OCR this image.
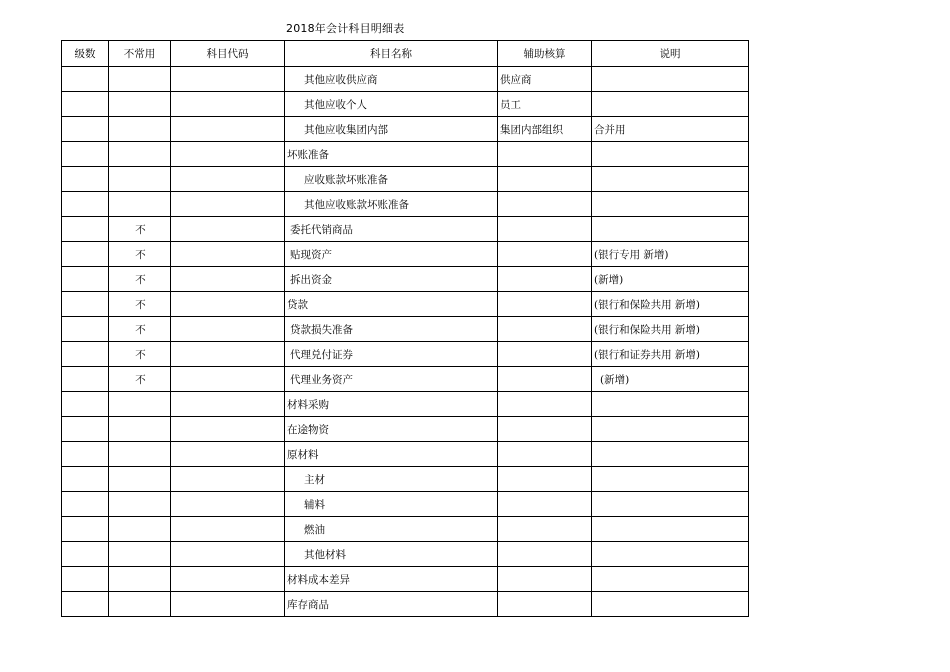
2018年会计科目明细表
级数	不常用	科目代码	科目名称	辅助核算	说明
			其他应收供应商	供应商	
			其他应收个人	员工	
			其他应收集团内部	集团内部组织	合并用
			坏账准备		
			应收账款坏账准备		
			其他应收账款坏账准备		
	不		委托代销商品		
	不		贴现资产		(银行专用 新增)
	不		拆出资金		(新增)
	不		贷款		(银行和保险共用 新增)
	不		贷款损失准备		(银行和保险共用 新增)
	不		代理兑付证券		(银行和证券共用 新增)
	不		代理业务资产		(新增)
			材料采购		
			在途物资		
			原材料		
			主材		
			辅料		
			燃油		
			其他材料		
			材料成本差异		
			库存商品		
